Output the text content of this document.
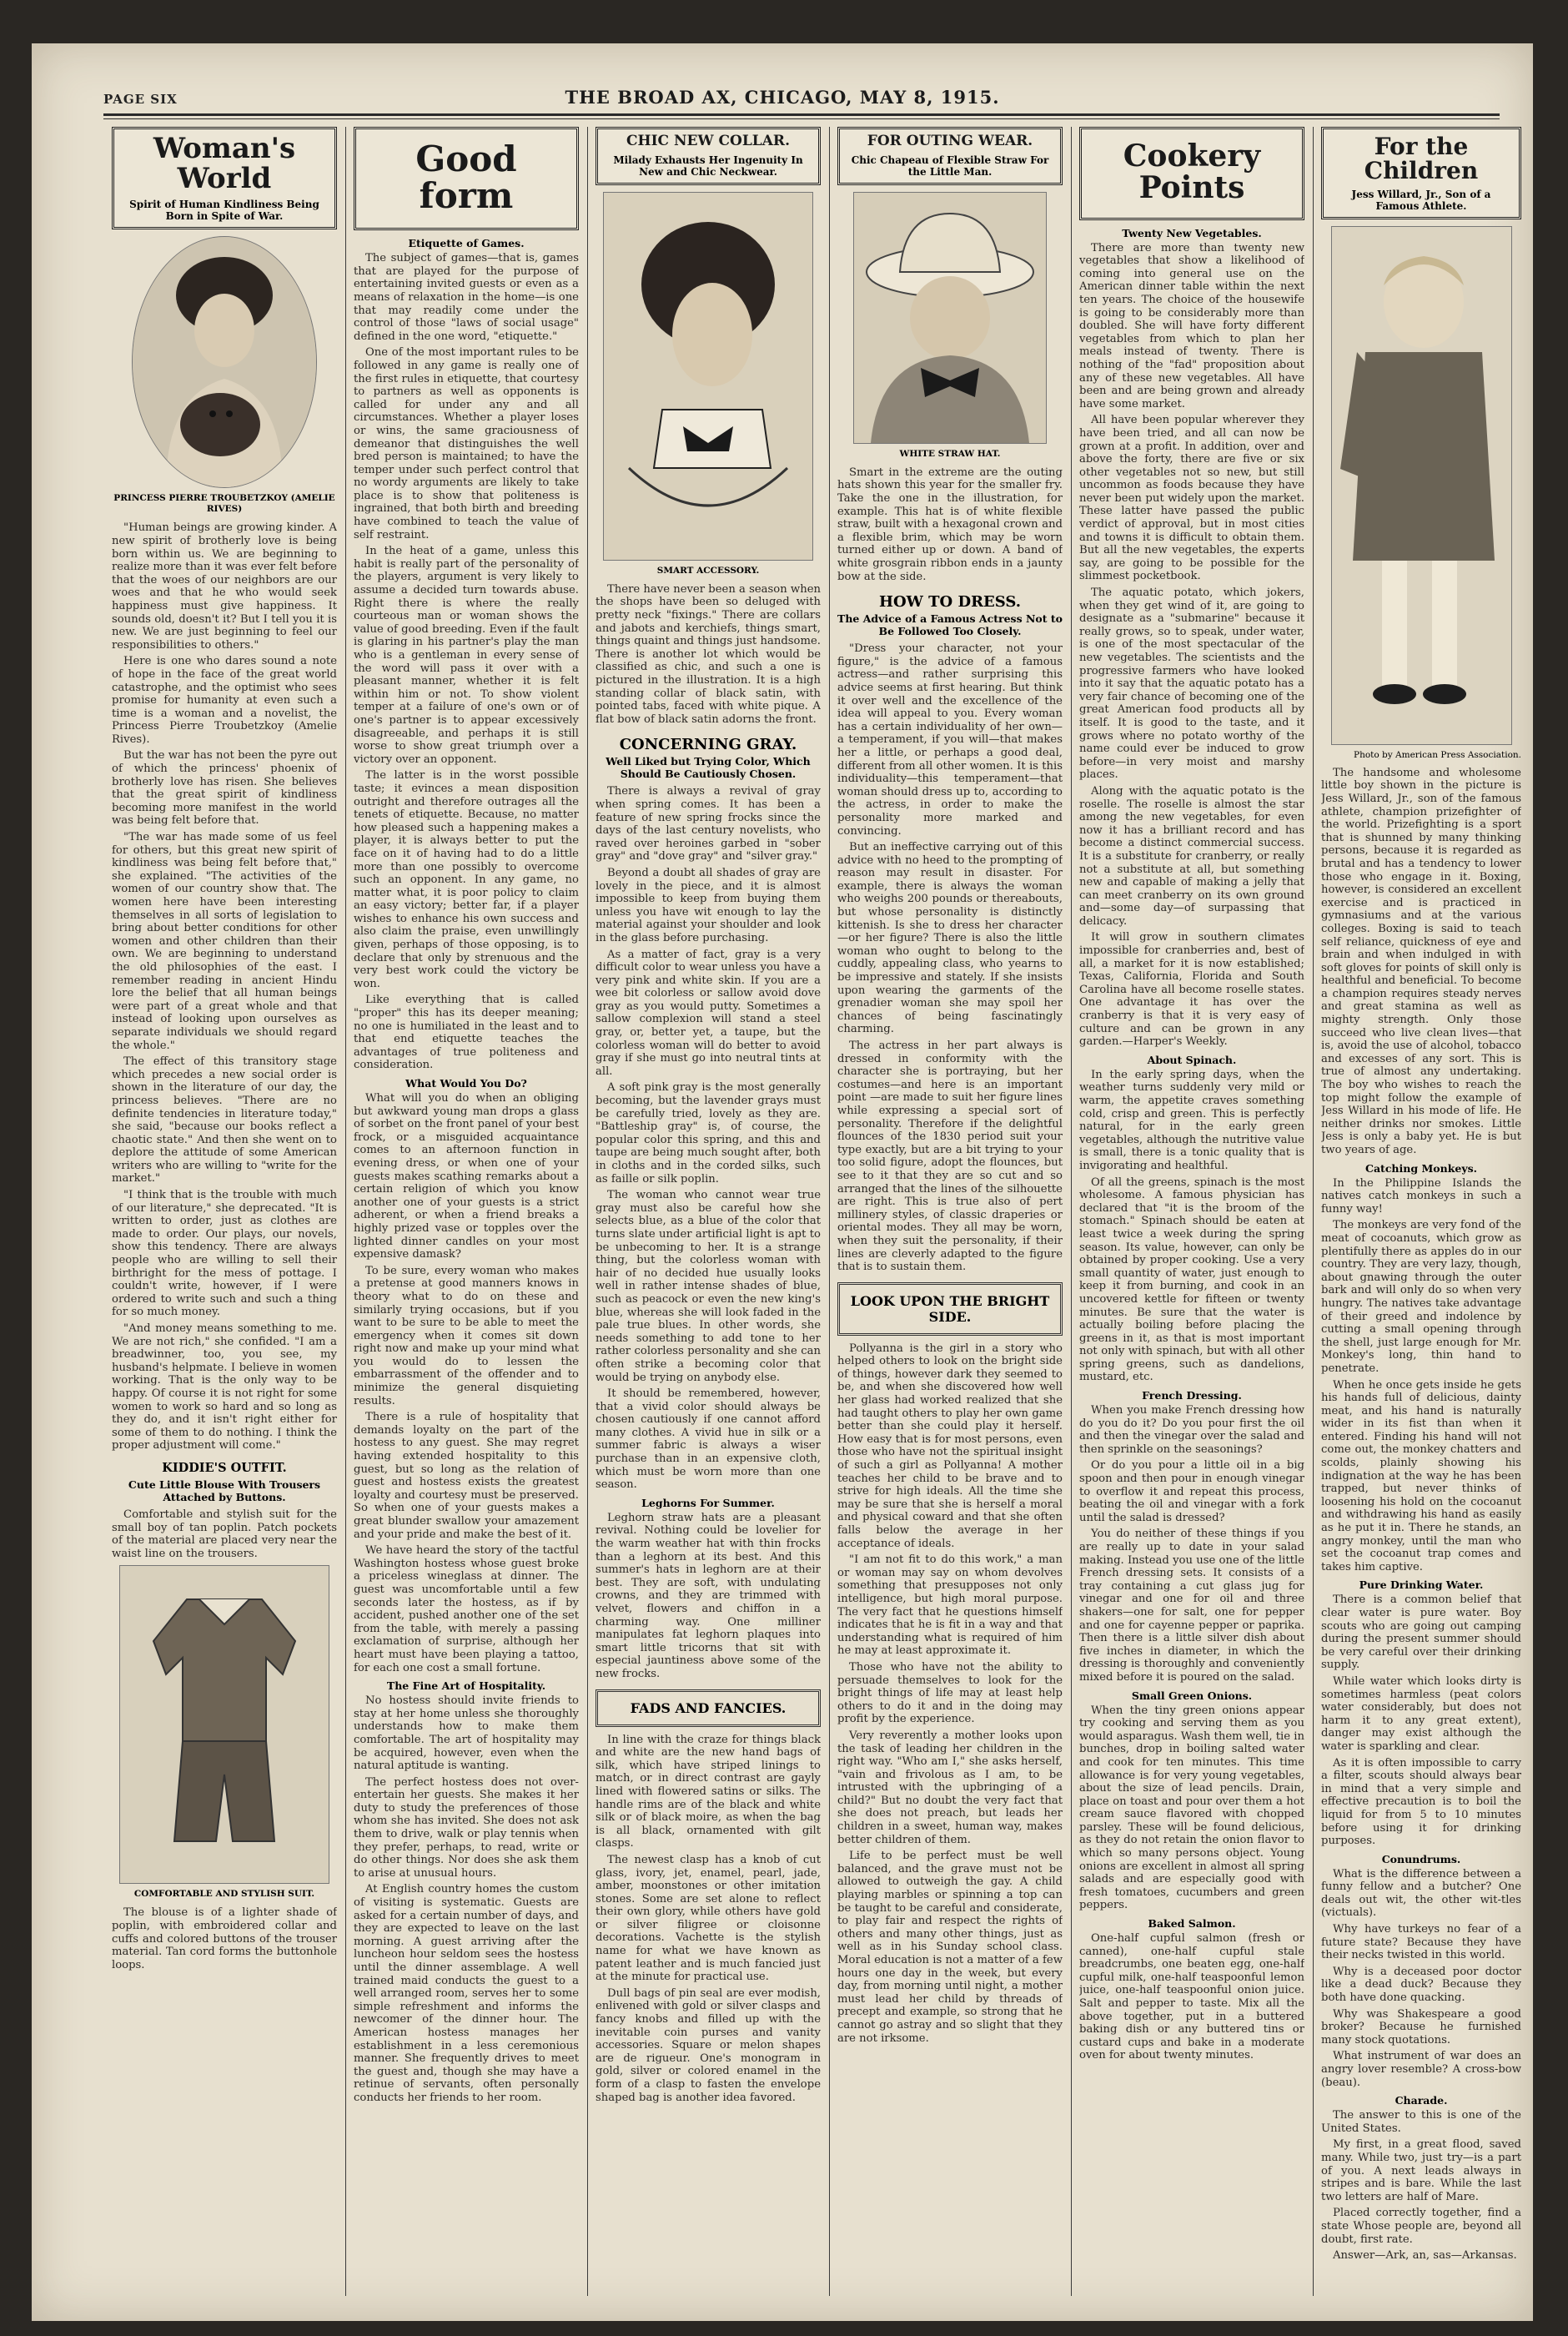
PAGE SIX	THE BROAD AX, CHICAGO, MAY 8, 1915.
Woman's World
Spirit of Human Kindliness Being Born in Spite of War.
PRINCESS PIERRE TROUBETZKOY (AMELIE RIVES)

"Human beings are growing kinder. A new spirit of brotherly love is being born within us. We are beginning to realize more than it was ever felt before that the woes of our neighbors are our woes and that he who would seek happiness must give happiness. It sounds old, doesn't it? But I tell you it is new. We are just beginning to feel our responsibilities to others."

Here is one who dares sound a note of hope in the face of the great world catastrophe, and the optimist who sees promise for humanity at even such a time is a woman and a novelist, the Princess Pierre Troubetzkoy (Amelie Rives).

But the war has not been the pyre out of which the princess' phoenix of brotherly love has risen. She believes that the great spirit of kindliness becoming more manifest in the world was being felt before that.

"The war has made some of us feel for others, but this great new spirit of kindliness was being felt before that," she explained. "The activities of the women of our country show that. The women here have been interesting themselves in all sorts of legislation to bring about better conditions for other women and other children than their own. We are beginning to understand the old philosophies of the east. I remember reading in ancient Hindu lore the belief that all human beings were part of a great whole and that instead of looking upon ourselves as separate individuals we should regard the whole."

The effect of this transitory stage which precedes a new social order is shown in the literature of our day, the princess believes. "There are no definite tendencies in literature today," she said, "because our books reflect a chaotic state." And then she went on to deplore the attitude of some American writers who are willing to "write for the market."

"I think that is the trouble with much of our literature," she deprecated. "It is written to order, just as clothes are made to order. Our plays, our novels, show this tendency. There are always people who are willing to sell their birthright for the mess of pottage. I couldn't write, however, if I were ordered to write such and such a thing for so much money.

"And money means something to me. We are not rich," she confided. "I am a breadwinner, too, you see, my husband's helpmate. I believe in women working. That is the only way to be happy. Of course it is not right for some women to work so hard and so long as they do, and it isn't right either for some of them to do nothing. I think the proper adjustment will come."

KIDDIE'S OUTFIT.
Cute Little Blouse With Trousers Attached by Buttons.

Comfortable and stylish suit for the small boy of tan poplin. Patch pockets of the material are placed very near the waist line on the trousers.

COMFORTABLE AND STYLISH SUIT.

The blouse is of a lighter shade of poplin, with embroidered collar and cuffs and colored buttons of the trouser material. Tan cord forms the buttonhole loops.

Good
form
Etiquette of Games.

The subject of games—that is, games that are played for the purpose of entertaining invited guests or even as a means of relaxation in the home—is one that may readily come under the control of those "laws of social usage" defined in the one word, "etiquette."

One of the most important rules to be followed in any game is really one of the first rules in etiquette, that courtesy to partners as well as opponents is called for under any and all circumstances. Whether a player loses or wins, the same graciousness of demeanor that distinguishes the well bred person is maintained; to have the temper under such perfect control that no wordy arguments are likely to take place is to show that politeness is ingrained, that both birth and breeding have combined to teach the value of self restraint.

In the heat of a game, unless this habit is really part of the personality of the players, argument is very likely to assume a decided turn towards abuse. Right there is where the really courteous man or woman shows the value of good breeding. Even if the fault is glaring in his partner's play the man who is a gentleman in every sense of the word will pass it over with a pleasant manner, whether it is felt within him or not. To show violent temper at a failure of one's own or of one's partner is to appear excessively disagreeable, and perhaps it is still worse to show great triumph over a victory over an opponent.

The latter is in the worst possible taste; it evinces a mean disposition outright and therefore outrages all the tenets of etiquette. Because, no matter how pleased such a happening makes a player, it is always better to put the face on it of having had to do a little more than one possibly to overcome such an opponent. In any game, no matter what, it is poor policy to claim an easy victory; better far, if a player wishes to enhance his own success and also claim the praise, even unwillingly given, perhaps of those opposing, is to declare that only by strenuous and the very best work could the victory be won.

Like everything that is called "proper" this has its deeper meaning; no one is humiliated in the least and to that end etiquette teaches the advantages of true politeness and consideration.

What Would You Do?

What will you do when an obliging but awkward young man drops a glass of sorbet on the front panel of your best frock, or a misguided acquaintance comes to an afternoon function in evening dress, or when one of your guests makes scathing remarks about a certain religion of which you know another one of your guests is a strict adherent, or when a friend breaks a highly prized vase or topples over the lighted dinner candles on your most expensive damask?

To be sure, every woman who makes a pretense at good manners knows in theory what to do on these and similarly trying occasions, but if you want to be sure to be able to meet the emergency when it comes sit down right now and make up your mind what you would do to lessen the embarrassment of the offender and to minimize the general disquieting results.

There is a rule of hospitality that demands loyalty on the part of the hostess to any guest. She may regret having extended hospitality to this guest, but so long as the relation of guest and hostess exists the greatest loyalty and courtesy must be preserved. So when one of your guests makes a great blunder swallow your amazement and your pride and make the best of it.

We have heard the story of the tactful Washington hostess whose guest broke a priceless wineglass at dinner. The guest was uncomfortable until a few seconds later the hostess, as if by accident, pushed another one of the set from the table, with merely a passing exclamation of surprise, although her heart must have been playing a tattoo, for each one cost a small fortune.

The Fine Art of Hospitality.

No hostess should invite friends to stay at her home unless she thoroughly understands how to make them comfortable. The art of hospitality may be acquired, however, even when the natural aptitude is wanting.

The perfect hostess does not over-entertain her guests. She makes it her duty to study the preferences of those whom she has invited. She does not ask them to drive, walk or play tennis when they prefer, perhaps, to read, write or do other things. Nor does she ask them to arise at unusual hours.

At English country homes the custom of visiting is systematic. Guests are asked for a certain number of days, and they are expected to leave on the last morning. A guest arriving after the luncheon hour seldom sees the hostess until the dinner assemblage. A well trained maid conducts the guest to a well arranged room, serves her to some simple refreshment and informs the newcomer of the dinner hour. The American hostess manages her establishment in a less ceremonious manner. She frequently drives to meet the guest and, though she may have a retinue of servants, often personally conducts her friends to her room.

CHIC NEW COLLAR.
Milady Exhausts Her Ingenuity In New and Chic Neckwear.
SMART ACCESSORY.

There have never been a season when the shops have been so deluged with pretty neck "fixings." There are collars and jabots and kerchiefs, things smart, things quaint and things just handsome. There is another lot which would be classified as chic, and such a one is pictured in the illustration. It is a high standing collar of black satin, with pointed tabs, faced with white pique. A flat bow of black satin adorns the front.

CONCERNING GRAY.
Well Liked but Trying Color, Which Should Be Cautiously Chosen.

There is always a revival of gray when spring comes. It has been a feature of new spring frocks since the days of the last century novelists, who raved over heroines garbed in "sober gray" and "dove gray" and "silver gray."

Beyond a doubt all shades of gray are lovely in the piece, and it is almost impossible to keep from buying them unless you have wit enough to lay the material against your shoulder and look in the glass before purchasing.

As a matter of fact, gray is a very difficult color to wear unless you have a very pink and white skin. If you are a wee bit colorless or sallow avoid dove gray as you would putty. Sometimes a sallow complexion will stand a steel gray, or, better yet, a taupe, but the colorless woman will do better to avoid gray if she must go into neutral tints at all.

A soft pink gray is the most generally becoming, but the lavender grays must be carefully tried, lovely as they are. "Battleship gray" is, of course, the popular color this spring, and this and taupe are being much sought after, both in cloths and in the corded silks, such as faille or silk poplin.

The woman who cannot wear true gray must also be careful how she selects blue, as a blue of the color that turns slate under artificial light is apt to be unbecoming to her. It is a strange thing, but the colorless woman with hair of no decided hue usually looks well in rather intense shades of blue, such as peacock or even the new king's blue, whereas she will look faded in the pale true blues. In other words, she needs something to add tone to her rather colorless personality and she can often strike a becoming color that would be trying on anybody else.

It should be remembered, however, that a vivid color should always be chosen cautiously if one cannot afford many clothes. A vivid hue in silk or a summer fabric is always a wiser purchase than in an expensive cloth, which must be worn more than one season.

Leghorns For Summer.

Leghorn straw hats are a pleasant revival. Nothing could be lovelier for the warm weather hat with thin frocks than a leghorn at its best. And this summer's hats in leghorn are at their best. They are soft, with undulating crowns, and they are trimmed with velvet, flowers and chiffon in a charming way. One milliner manipulates fat leghorn plaques into smart little tricorns that sit with especial jauntiness above some of the new frocks.

FADS AND FANCIES.

In line with the craze for things black and white are the new hand bags of silk, which have striped linings to match, or in direct contrast are gayly lined with flowered satins or silks. The handle rims are of the black and white silk or of black moire, as when the bag is all black, ornamented with gilt clasps.

The newest clasp has a knob of cut glass, ivory, jet, enamel, pearl, jade, amber, moonstones or other imitation stones. Some are set alone to reflect their own glory, while others have gold or silver filigree or cloisonne decorations. Vachette is the stylish name for what we have known as patent leather and is much fancied just at the minute for practical use.

Dull bags of pin seal are ever modish, enlivened with gold or silver clasps and fancy knobs and filled up with the inevitable coin purses and vanity accessories. Square or melon shapes are de rigueur. One's monogram in gold, silver or colored enamel in the form of a clasp to fasten the envelope shaped bag is another idea favored.

FOR OUTING WEAR.
Chic Chapeau of Flexible Straw For the Little Man.
WHITE STRAW HAT.

Smart in the extreme are the outing hats shown this year for the smaller fry. Take the one in the illustration, for example. This hat is of white flexible straw, built with a hexagonal crown and a flexible brim, which may be worn turned either up or down. A band of white grosgrain ribbon ends in a jaunty bow at the side.

HOW TO DRESS.
The Advice of a Famous Actress Not to Be Followed Too Closely.

"Dress your character, not your figure," is the advice of a famous actress—and rather surprising this advice seems at first hearing. But think it over well and the excellence of the idea will appeal to you. Every woman has a certain individuality of her own—a temperament, if you will—that makes her a little, or perhaps a good deal, different from all other women. It is this individuality—this temperament—that woman should dress up to, according to the actress, in order to make the personality more marked and convincing.

But an ineffective carrying out of this advice with no heed to the prompting of reason may result in disaster. For example, there is always the woman who weighs 200 pounds or thereabouts, but whose personality is distinctly kittenish. Is she to dress her character—or her figure? There is also the little woman who ought to belong to the cuddly, appealing class, who yearns to be impressive and stately. If she insists upon wearing the garments of the grenadier woman she may spoil her chances of being fascinatingly charming.

The actress in her part always is dressed in conformity with the character she is portraying, but her costumes—and here is an important point —are made to suit her figure lines while expressing a special sort of personality. Therefore if the delightful flounces of the 1830 period suit your type exactly, but are a bit trying to your too solid figure, adopt the flounces, but see to it that they are so cut and so arranged that the lines of the silhouette are right. This is true also of pert millinery styles, of classic draperies or oriental modes. They all may be worn, when they suit the personality, if their lines are cleverly adapted to the figure that is to sustain them.

LOOK UPON THE BRIGHT SIDE.

Pollyanna is the girl in a story who helped others to look on the bright side of things, however dark they seemed to be, and when she discovered how well her glass had worked realized that she had taught others to play her own game better than she could play it herself. How easy that is for most persons, even those who have not the spiritual insight of such a girl as Pollyanna! A mother teaches her child to be brave and to strive for high ideals. All the time she may be sure that she is herself a moral and physical coward and that she often falls below the average in her acceptance of ideals.

"I am not fit to do this work," a man or woman may say on whom devolves something that presupposes not only intelligence, but high moral purpose. The very fact that he questions himself indicates that he is fit in a way and that understanding what is required of him he may at least approximate it.

Those who have not the ability to persuade themselves to look for the bright things of life may at least help others to do it and in the doing may profit by the experience.

Very reverently a mother looks upon the task of leading her children in the right way. "Who am I," she asks herself, "vain and frivolous as I am, to be intrusted with the upbringing of a child?" But no doubt the very fact that she does not preach, but leads her children in a sweet, human way, makes better children of them.

Life to be perfect must be well balanced, and the grave must not be allowed to outweigh the gay. A child playing marbles or spinning a top can be taught to be careful and considerate, to play fair and respect the rights of others and many other things, just as well as in his Sunday school class. Moral education is not a matter of a few hours one day in the week, but every day, from morning until night, a mother must lead her child by threads of precept and example, so strong that he cannot go astray and so slight that they are not irksome.

Cookery
Points
Twenty New Vegetables.

There are more than twenty new vegetables that show a likelihood of coming into general use on the American dinner table within the next ten years. The choice of the housewife is going to be considerably more than doubled. She will have forty different vegetables from which to plan her meals instead of twenty. There is nothing of the "fad" proposition about any of these new vegetables. All have been and are being grown and already have some market.

All have been popular wherever they have been tried, and all can now be grown at a profit. In addition, over and above the forty, there are five or six other vegetables not so new, but still uncommon as foods because they have never been put widely upon the market. These latter have passed the public verdict of approval, but in most cities and towns it is difficult to obtain them. But all the new vegetables, the experts say, are going to be possible for the slimmest pocketbook.

The aquatic potato, which jokers, when they get wind of it, are going to designate as a "submarine" because it really grows, so to speak, under water, is one of the most spectacular of the new vegetables. The scientists and the progressive farmers who have looked into it say that the aquatic potato has a very fair chance of becoming one of the great American food products all by itself. It is good to the taste, and it grows where no potato worthy of the name could ever be induced to grow before—in very moist and marshy places.

Along with the aquatic potato is the roselle. The roselle is almost the star among the new vegetables, for even now it has a brilliant record and has become a distinct commercial success. It is a substitute for cranberry, or really not a substitute at all, but something new and capable of making a jelly that can meet cranberry on its own ground and—some day—of surpassing that delicacy.

It will grow in southern climates impossible for cranberries and, best of all, a market for it is now established; Texas, California, Florida and South Carolina have all become roselle states. One advantage it has over the cranberry is that it is very easy of culture and can be grown in any garden.—Harper's Weekly.

About Spinach.

In the early spring days, when the weather turns suddenly very mild or warm, the appetite craves something cold, crisp and green. This is perfectly natural, for in the early green vegetables, although the nutritive value is small, there is a tonic quality that is invigorating and healthful.

Of all the greens, spinach is the most wholesome. A famous physician has declared that "it is the broom of the stomach." Spinach should be eaten at least twice a week during the spring season. Its value, however, can only be obtained by proper cooking. Use a very small quantity of water, just enough to keep it from burning, and cook in an uncovered kettle for fifteen or twenty minutes. Be sure that the water is actually boiling before placing the greens in it, as that is most important not only with spinach, but with all other spring greens, such as dandelions, mustard, etc.

French Dressing.

When you make French dressing how do you do it? Do you pour first the oil and then the vinegar over the salad and then sprinkle on the seasonings?

Or do you pour a little oil in a big spoon and then pour in enough vinegar to overflow it and repeat this process, beating the oil and vinegar with a fork until the salad is dressed?

You do neither of these things if you are really up to date in your salad making. Instead you use one of the little French dressing sets. It consists of a tray containing a cut glass jug for vinegar and one for oil and three shakers—one for salt, one for pepper and one for cayenne pepper or paprika. Then there is a little silver dish about five inches in diameter, in which the dressing is thoroughly and conveniently mixed before it is poured on the salad.

Small Green Onions.

When the tiny green onions appear try cooking and serving them as you would asparagus. Wash them well, tie in bunches, drop in boiling salted water and cook for ten minutes. This time allowance is for very young vegetables, about the size of lead pencils. Drain, place on toast and pour over them a hot cream sauce flavored with chopped parsley. These will be found delicious, as they do not retain the onion flavor to which so many persons object. Young onions are excellent in almost all spring salads and are especially good with fresh tomatoes, cucumbers and green peppers.

Baked Salmon.

One-half cupful salmon (fresh or canned), one-half cupful stale breadcrumbs, one beaten egg, one-half cupful milk, one-half teaspoonful lemon juice, one-half teaspoonful onion juice. Salt and pepper to taste. Mix all the above together, put in a buttered baking dish or any buttered tins or custard cups and bake in a moderate oven for about twenty minutes.

For the Children
Jess Willard, Jr., Son of a Famous Athlete.
Photo by American Press Association.

The handsome and wholesome little boy shown in the picture is Jess Willard, Jr., son of the famous athlete, champion prizefighter of the world. Prizefighting is a sport that is shunned by many thinking persons, because it is regarded as brutal and has a tendency to lower those who engage in it. Boxing, however, is considered an excellent exercise and is practiced in gymnasiums and at the various colleges. Boxing is said to teach self reliance, quickness of eye and brain and when indulged in with soft gloves for points of skill only is healthful and beneficial. To become a champion requires steady nerves and great stamina as well as mighty strength. Only those succeed who live clean lives—that is, avoid the use of alcohol, tobacco and excesses of any sort. This is true of almost any undertaking. The boy who wishes to reach the top might follow the example of Jess Willard in his mode of life. He neither drinks nor smokes. Little Jess is only a baby yet. He is but two years of age.

Catching Monkeys.

In the Philippine Islands the natives catch monkeys in such a funny way!

The monkeys are very fond of the meat of cocoanuts, which grow as plentifully there as apples do in our country. They are very lazy, though, about gnawing through the outer bark and will only do so when very hungry. The natives take advantage of their greed and indolence by cutting a small opening through the shell, just large enough for Mr. Monkey's long, thin hand to penetrate.

When he once gets inside he gets his hands full of delicious, dainty meat, and his hand is naturally wider in its fist than when it entered. Finding his hand will not come out, the monkey chatters and scolds, plainly showing his indignation at the way he has been trapped, but never thinks of loosening his hold on the cocoanut and withdrawing his hand as easily as he put it in. There he stands, an angry monkey, until the man who set the cocoanut trap comes and takes him captive.

Pure Drinking Water.

There is a common belief that clear water is pure water. Boy scouts who are going out camping during the present summer should be very careful over their drinking supply.

While water which looks dirty is sometimes harmless (peat colors water considerably, but does not harm it to any great extent), danger may exist although the water is sparkling and clear.

As it is often impossible to carry a filter, scouts should always bear in mind that a very simple and effective precaution is to boil the liquid for from 5 to 10 minutes before using it for drinking purposes.

Conundrums.

What is the difference between a funny fellow and a butcher? One deals out wit, the other wit-tles (victuals).

Why have turkeys no fear of a future state? Because they have their necks twisted in this world.

Why is a deceased poor doctor like a dead duck? Because they both have done quacking.

Why was Shakespeare a good broker? Because he furnished many stock quotations.

What instrument of war does an angry lover resemble? A cross-bow (beau).

Charade.

The answer to this is one of the United States.

My first, in a great flood, saved many. While two, just try—is a part of you. A next leads always in stripes and is bare. While the last two letters are half of Mare.

Placed correctly together, find a state Whose people are, beyond all doubt, first rate.

Answer—Ark, an, sas—Arkansas.
